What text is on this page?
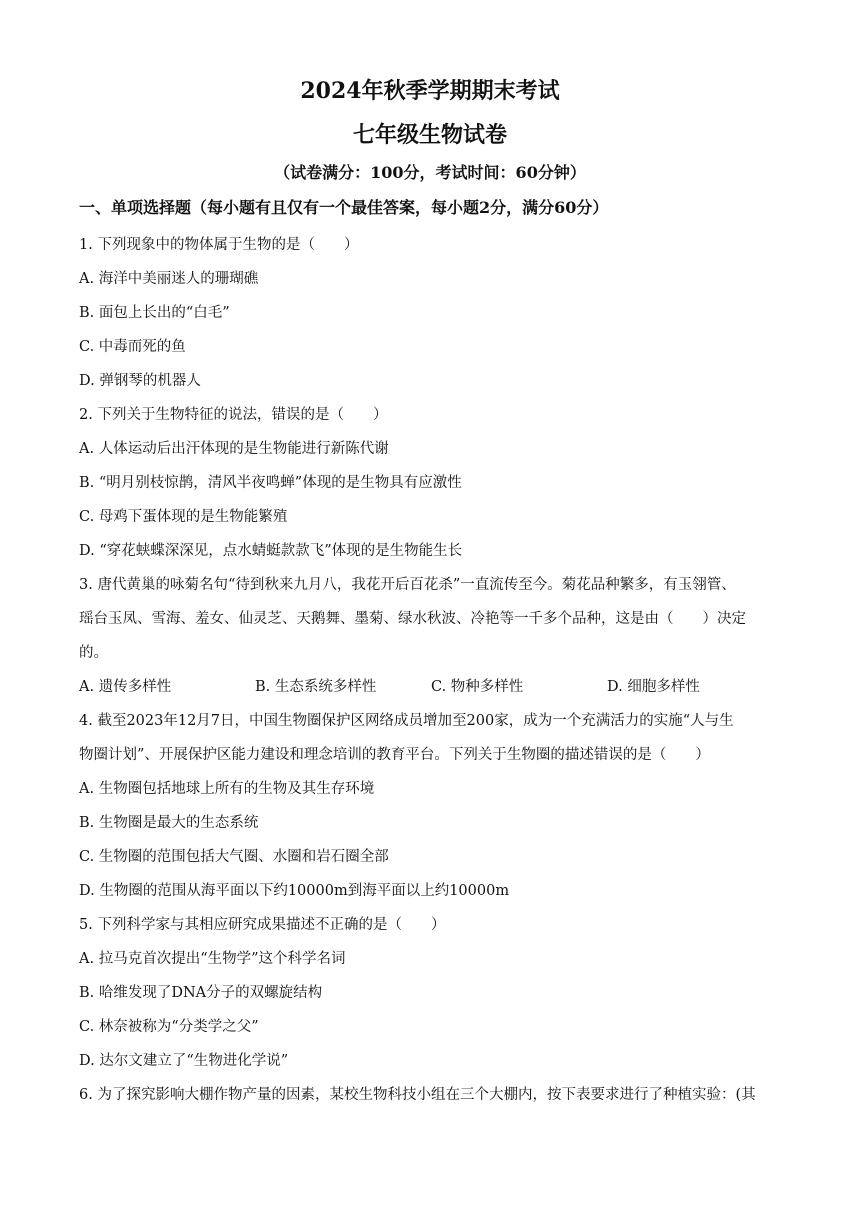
2024年秋季学期期末考试
七年级生物试卷
（试卷满分：100分，考试时间：60分钟）
一、单项选择题（每小题有且仅有一个最佳答案，每小题2分，满分60分）
1. 下列现象中的物体属于生物的是（　　）
A. 海洋中美丽迷人的珊瑚礁
B. 面包上长出的“白毛”
C. 中毒而死的鱼
D. 弹钢琴的机器人
2. 下列关于生物特征的说法，错误的是（　　）
A. 人体运动后出汗体现的是生物能进行新陈代谢
B. “明月别枝惊鹊，清风半夜鸣蝉”体现的是生物具有应激性
C. 母鸡下蛋体现的是生物能繁殖
D. “穿花蛱蝶深深见，点水蜻蜓款款飞”体现的是生物能生长
3. 唐代黄巢的咏菊名句“待到秋来九月八，我花开后百花杀”一直流传至今。菊花品种繁多，有玉翎管、
瑶台玉凤、雪海、羞女、仙灵芝、天鹅舞、墨菊、绿水秋波、冷艳等一千多个品种，这是由（　　）决定
的。
A. 遗传多样性	B. 生态系统多样性	C. 物种多样性	D. 细胞多样性
4. 截至2023年12月7日，中国生物圈保护区网络成员增加至200家，成为一个充满活力的实施“人与生
物圈计划”、开展保护区能力建设和理念培训的教育平台。下列关于生物圈的描述错误的是（　　）
A. 生物圈包括地球上所有的生物及其生存环境
B. 生物圈是最大的生态系统
C. 生物圈的范围包括大气圈、水圈和岩石圈全部
D. 生物圈的范围从海平面以下约10000m到海平面以上约10000m
5. 下列科学家与其相应研究成果描述不正确的是（　　）
A. 拉马克首次提出“生物学”这个科学名词
B. 哈维发现了DNA分子的双螺旋结构
C. 林奈被称为“分类学之父”
D. 达尔文建立了“生物进化学说”
6. 为了探究影响大棚作物产量的因素，某校生物科技小组在三个大棚内，按下表要求进行了种植实验：(其
